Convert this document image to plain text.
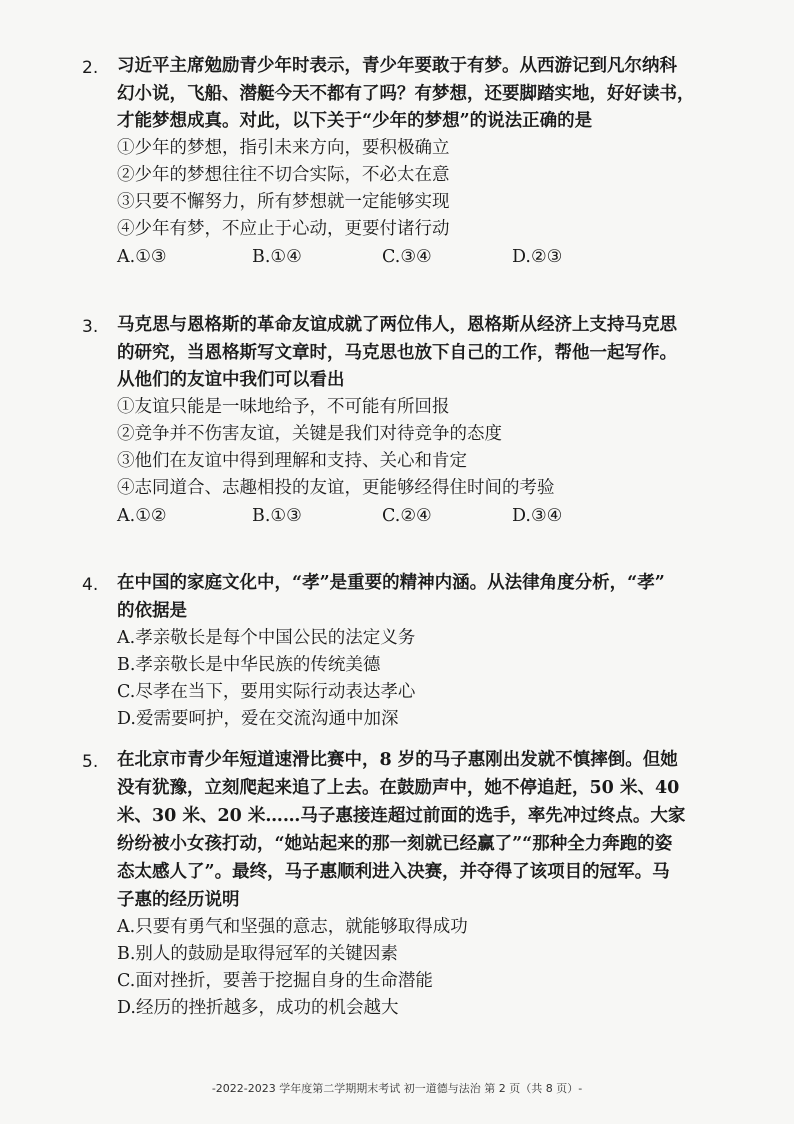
2. 习近平主席勉励青少年时表示，青少年要敢于有梦。从西游记到凡尔纳科
幻小说，飞船、潜艇今天不都有了吗？有梦想，还要脚踏实地，好好读书，
才能梦想成真。对此，以下关于“少年的梦想”的说法正确的是
①少年的梦想，指引未来方向，要积极确立
②少年的梦想往往不切合实际，不必太在意
③只要不懈努力，所有梦想就一定能够实现
④少年有梦，不应止于心动，更要付诸行动
A.①③	B.①④	C.③④	D.②③
3. 马克思与恩格斯的革命友谊成就了两位伟人，恩格斯从经济上支持马克思
的研究，当恩格斯写文章时，马克思也放下自己的工作，帮他一起写作。
从他们的友谊中我们可以看出
①友谊只能是一味地给予，不可能有所回报
②竞争并不伤害友谊，关键是我们对待竞争的态度
③他们在友谊中得到理解和支持、关心和肯定
④志同道合、志趣相投的友谊，更能够经得住时间的考验
A.①②	B.①③	C.②④	D.③④
4. 在中国的家庭文化中，“孝”是重要的精神内涵。从法律角度分析，“孝”
的依据是
A.孝亲敬长是每个中国公民的法定义务
B.孝亲敬长是中华民族的传统美德
C.尽孝在当下，要用实际行动表达孝心
D.爱需要呵护，爱在交流沟通中加深
5. 在北京市青少年短道速滑比赛中，8 岁的马子惠刚出发就不慎摔倒。但她
没有犹豫，立刻爬起来追了上去。在鼓励声中，她不停追赶，50 米、40
米、30 米、20 米……马子惠接连超过前面的选手，率先冲过终点。大家
纷纷被小女孩打动，“她站起来的那一刻就已经赢了”“那种全力奔跑的姿
态太感人了”。最终，马子惠顺利进入决赛，并夺得了该项目的冠军。马
子惠的经历说明
A.只要有勇气和坚强的意志，就能够取得成功
B.别人的鼓励是取得冠军的关键因素
C.面对挫折，要善于挖掘自身的生命潜能
D.经历的挫折越多，成功的机会越大
-2022-2023 学年度第二学期期末考试 初一道德与法治 第 2 页（共 8 页）-
